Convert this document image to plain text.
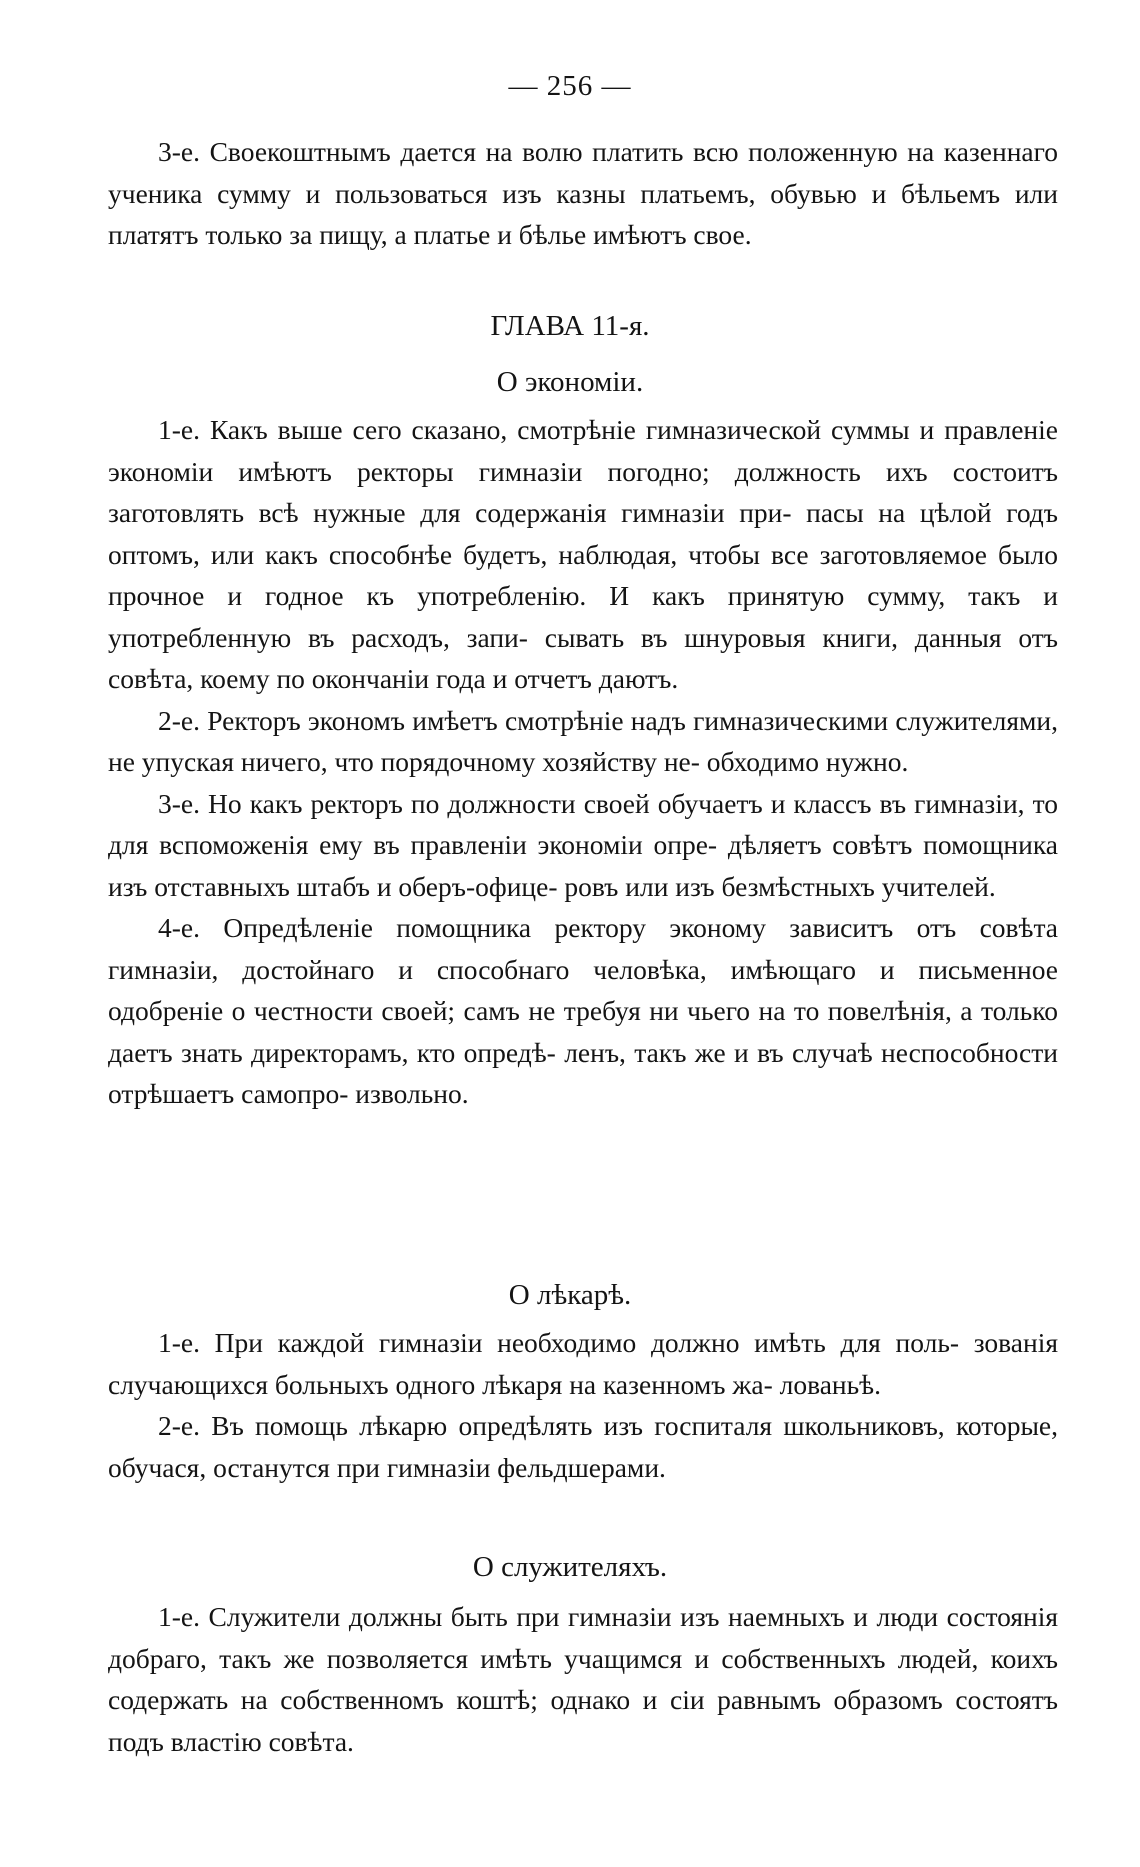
— 256 —

3-е. Своекоштнымъ дается на волю платить всю положенную на казеннаго ученика сумму и пользоваться изъ казны платьемъ, обувью и бѣльемъ или платятъ только за пищу, а платье и бѣлье имѣютъ свое.

ГЛАВА 11-я.
О экономіи.

1-е. Какъ выше сего сказано, смотрѣніе гимназической суммы и правленіе экономіи имѣютъ ректоры гимназіи погодно; должность ихъ состоитъ заготовлять всѣ нужные для содержанія гимназіи при- пасы на цѣлой годъ оптомъ, или какъ способнѣе будетъ, наблюдая, чтобы все заготовляемое было прочное и годное къ употребленію. И какъ принятую сумму, такъ и употребленную въ расходъ, запи- сывать въ шнуровыя книги, данныя отъ совѣта, коему по окончаніи года и отчетъ даютъ.

2-е. Ректоръ экономъ имѣетъ смотрѣніе надъ гимназическими служителями, не упуская ничего, что порядочному хозяйству не- обходимо нужно.

3-е. Но какъ ректоръ по должности своей обучаетъ и классъ въ гимназіи, то для вспоможенія ему въ правленіи экономіи опре- дѣляетъ совѣтъ помощника изъ отставныхъ штабъ и оберъ-офице- ровъ или изъ безмѣстныхъ учителей.

4-е. Опредѣленіе помощника ректору эконому зависитъ отъ совѣта гимназіи, достойнаго и способнаго человѣка, имѣющаго и письменное одобреніе о честности своей; самъ не требуя ни чьего на то повелѣнія, а только даетъ знать директорамъ, кто опредѣ- ленъ, такъ же и въ случаѣ неспособности отрѣшаетъ самопро- извольно.

О лѣкарѣ.

1-е. При каждой гимназіи необходимо должно имѣть для поль- зованія случающихся больныхъ одного лѣкаря на казенномъ жа- лованьѣ.

2-е. Въ помощь лѣкарю опредѣлять изъ госпиталя школьниковъ, которые, обучася, останутся при гимназіи фельдшерами.

О служителяхъ.

1-е. Служители должны быть при гимназіи изъ наемныхъ и люди состоянія добраго, такъ же позволяется имѣть учащимся и собственныхъ людей, коихъ содержать на собственномъ коштѣ; однако и сіи равнымъ образомъ состоятъ подъ властію совѣта.
